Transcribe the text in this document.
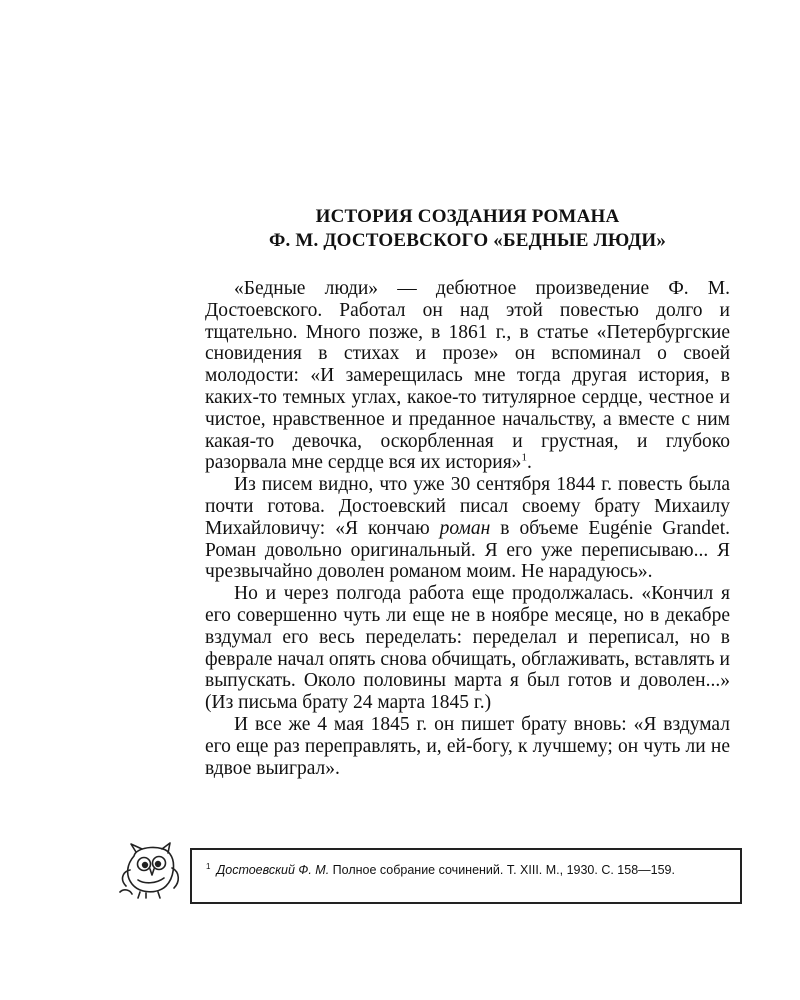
ИСТОРИЯ СОЗДАНИЯ РОМАНА
Ф. М. ДОСТОЕВСКОГО «БЕДНЫЕ ЛЮДИ»

«Бедные люди» — дебютное произведение Ф. М. Достоевского. Работал он над этой повестью долго и тщательно. Много позже, в 1861 г., в статье «Петербургские сновидения в стихах и прозе» он вспоминал о своей молодости: «И замерещилась мне тогда другая история, в каких-то темных углах, какое-то титулярное сердце, честное и чистое, нравственное и преданное начальству, а вместе с ним какая-то девочка, оскорбленная и грустная, и глубоко разорвала мне сердце вся их история»$^1$.

Из писем видно, что уже 30 сентября 1844 г. повесть была почти готова. Достоевский писал своему брату Михаилу Михайловичу: «Я кончаю роман в объеме Eugénie Grandet. Роман довольно оригинальный. Я его уже переписываю... Я чрезвычайно доволен романом моим. Не нарадуюсь».

Но и через полгода работа еще продолжалась. «Кончил я его совершенно чуть ли еще не в ноябре месяце, но в декабре вздумал его весь переделать: переделал и переписал, но в феврале начал опять снова обчищать, обглаживать, вставлять и выпускать. Около половины марта я был готов и доволен...» (Из письма брату 24 марта 1845 г.)

И все же 4 мая 1845 г. он пишет брату вновь: «Я вздумал его еще раз переправлять, и, ей-богу, к лучшему; он чуть ли не вдвое выиграл».

$^1$ Достоевский Ф. М. Полное собрание сочинений. Т. XIII. М., 1930. С. 158—159.
